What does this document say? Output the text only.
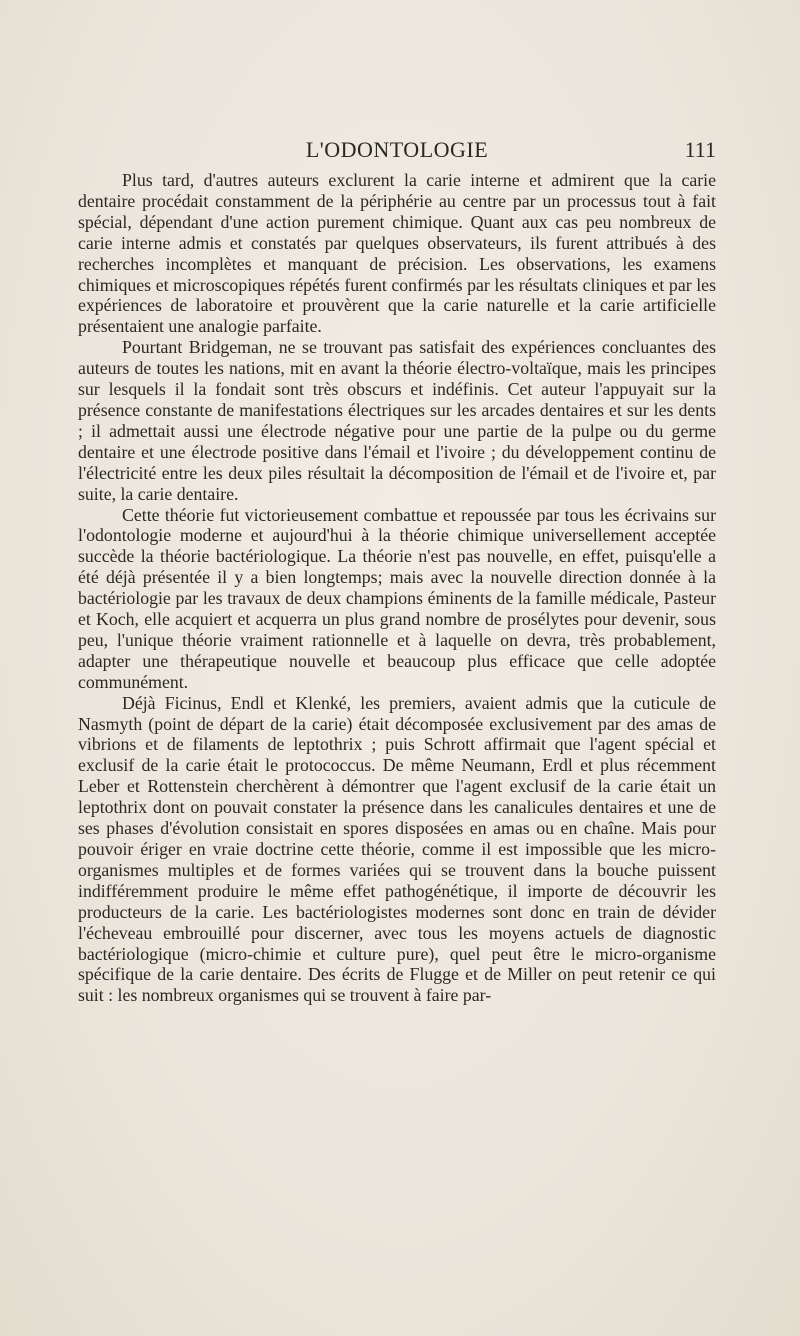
L'ODONTOLOGIE	111

Plus tard, d'autres auteurs exclurent la carie interne et admirent que la carie dentaire procédait constamment de la périphérie au centre par un processus tout à fait spécial, dépendant d'une action purement chimique. Quant aux cas peu nombreux de carie interne admis et constatés par quelques observateurs, ils furent attribués à des recherches incomplètes et manquant de précision. Les observations, les examens chimiques et microscopiques répétés furent confirmés par les résultats cliniques et par les expériences de laboratoire et prouvèrent que la carie naturelle et la carie artificielle présentaient une analogie parfaite.

Pourtant Bridgeman, ne se trouvant pas satisfait des expériences concluantes des auteurs de toutes les nations, mit en avant la théorie électro-voltaïque, mais les principes sur lesquels il la fondait sont très obscurs et indéfinis. Cet auteur l'appuyait sur la présence constante de manifestations électriques sur les arcades dentaires et sur les dents ; il admettait aussi une électrode négative pour une partie de la pulpe ou du germe dentaire et une électrode positive dans l'émail et l'ivoire ; du développement continu de l'électricité entre les deux piles résultait la décomposition de l'émail et de l'ivoire et, par suite, la carie dentaire.

Cette théorie fut victorieusement combattue et repoussée par tous les écrivains sur l'odontologie moderne et aujourd'hui à la théorie chimique universellement acceptée succède la théorie bactériologique. La théorie n'est pas nouvelle, en effet, puisqu'elle a été déjà présentée il y a bien longtemps; mais avec la nouvelle direction donnée à la bactériologie par les travaux de deux champions éminents de la famille médicale, Pasteur et Koch, elle acquiert et acquerra un plus grand nombre de prosélytes pour devenir, sous peu, l'unique théorie vraiment rationnelle et à laquelle on devra, très probablement, adapter une thérapeutique nouvelle et beaucoup plus efficace que celle adoptée communément.

Déjà Ficinus, Endl et Klenké, les premiers, avaient admis que la cuticule de Nasmyth (point de départ de la carie) était décomposée exclusivement par des amas de vibrions et de filaments de leptothrix ; puis Schrott affirmait que l'agent spécial et exclusif de la carie était le protococcus. De même Neumann, Erdl et plus récemment Leber et Rottenstein cherchèrent à démontrer que l'agent exclusif de la carie était un leptothrix dont on pouvait constater la présence dans les canalicules dentaires et une de ses phases d'évolution consistait en spores disposées en amas ou en chaîne. Mais pour pouvoir ériger en vraie doctrine cette théorie, comme il est impossible que les micro-organismes multiples et de formes variées qui se trouvent dans la bouche puissent indifféremment produire le même effet pathogénétique, il importe de découvrir les producteurs de la carie. Les bactériologistes modernes sont donc en train de dévider l'écheveau embrouillé pour discerner, avec tous les moyens actuels de diagnostic bactériologique (micro-chimie et culture pure), quel peut être le micro-organisme spécifique de la carie dentaire. Des écrits de Flugge et de Miller on peut retenir ce qui suit : les nombreux organismes qui se trouvent à faire par-
